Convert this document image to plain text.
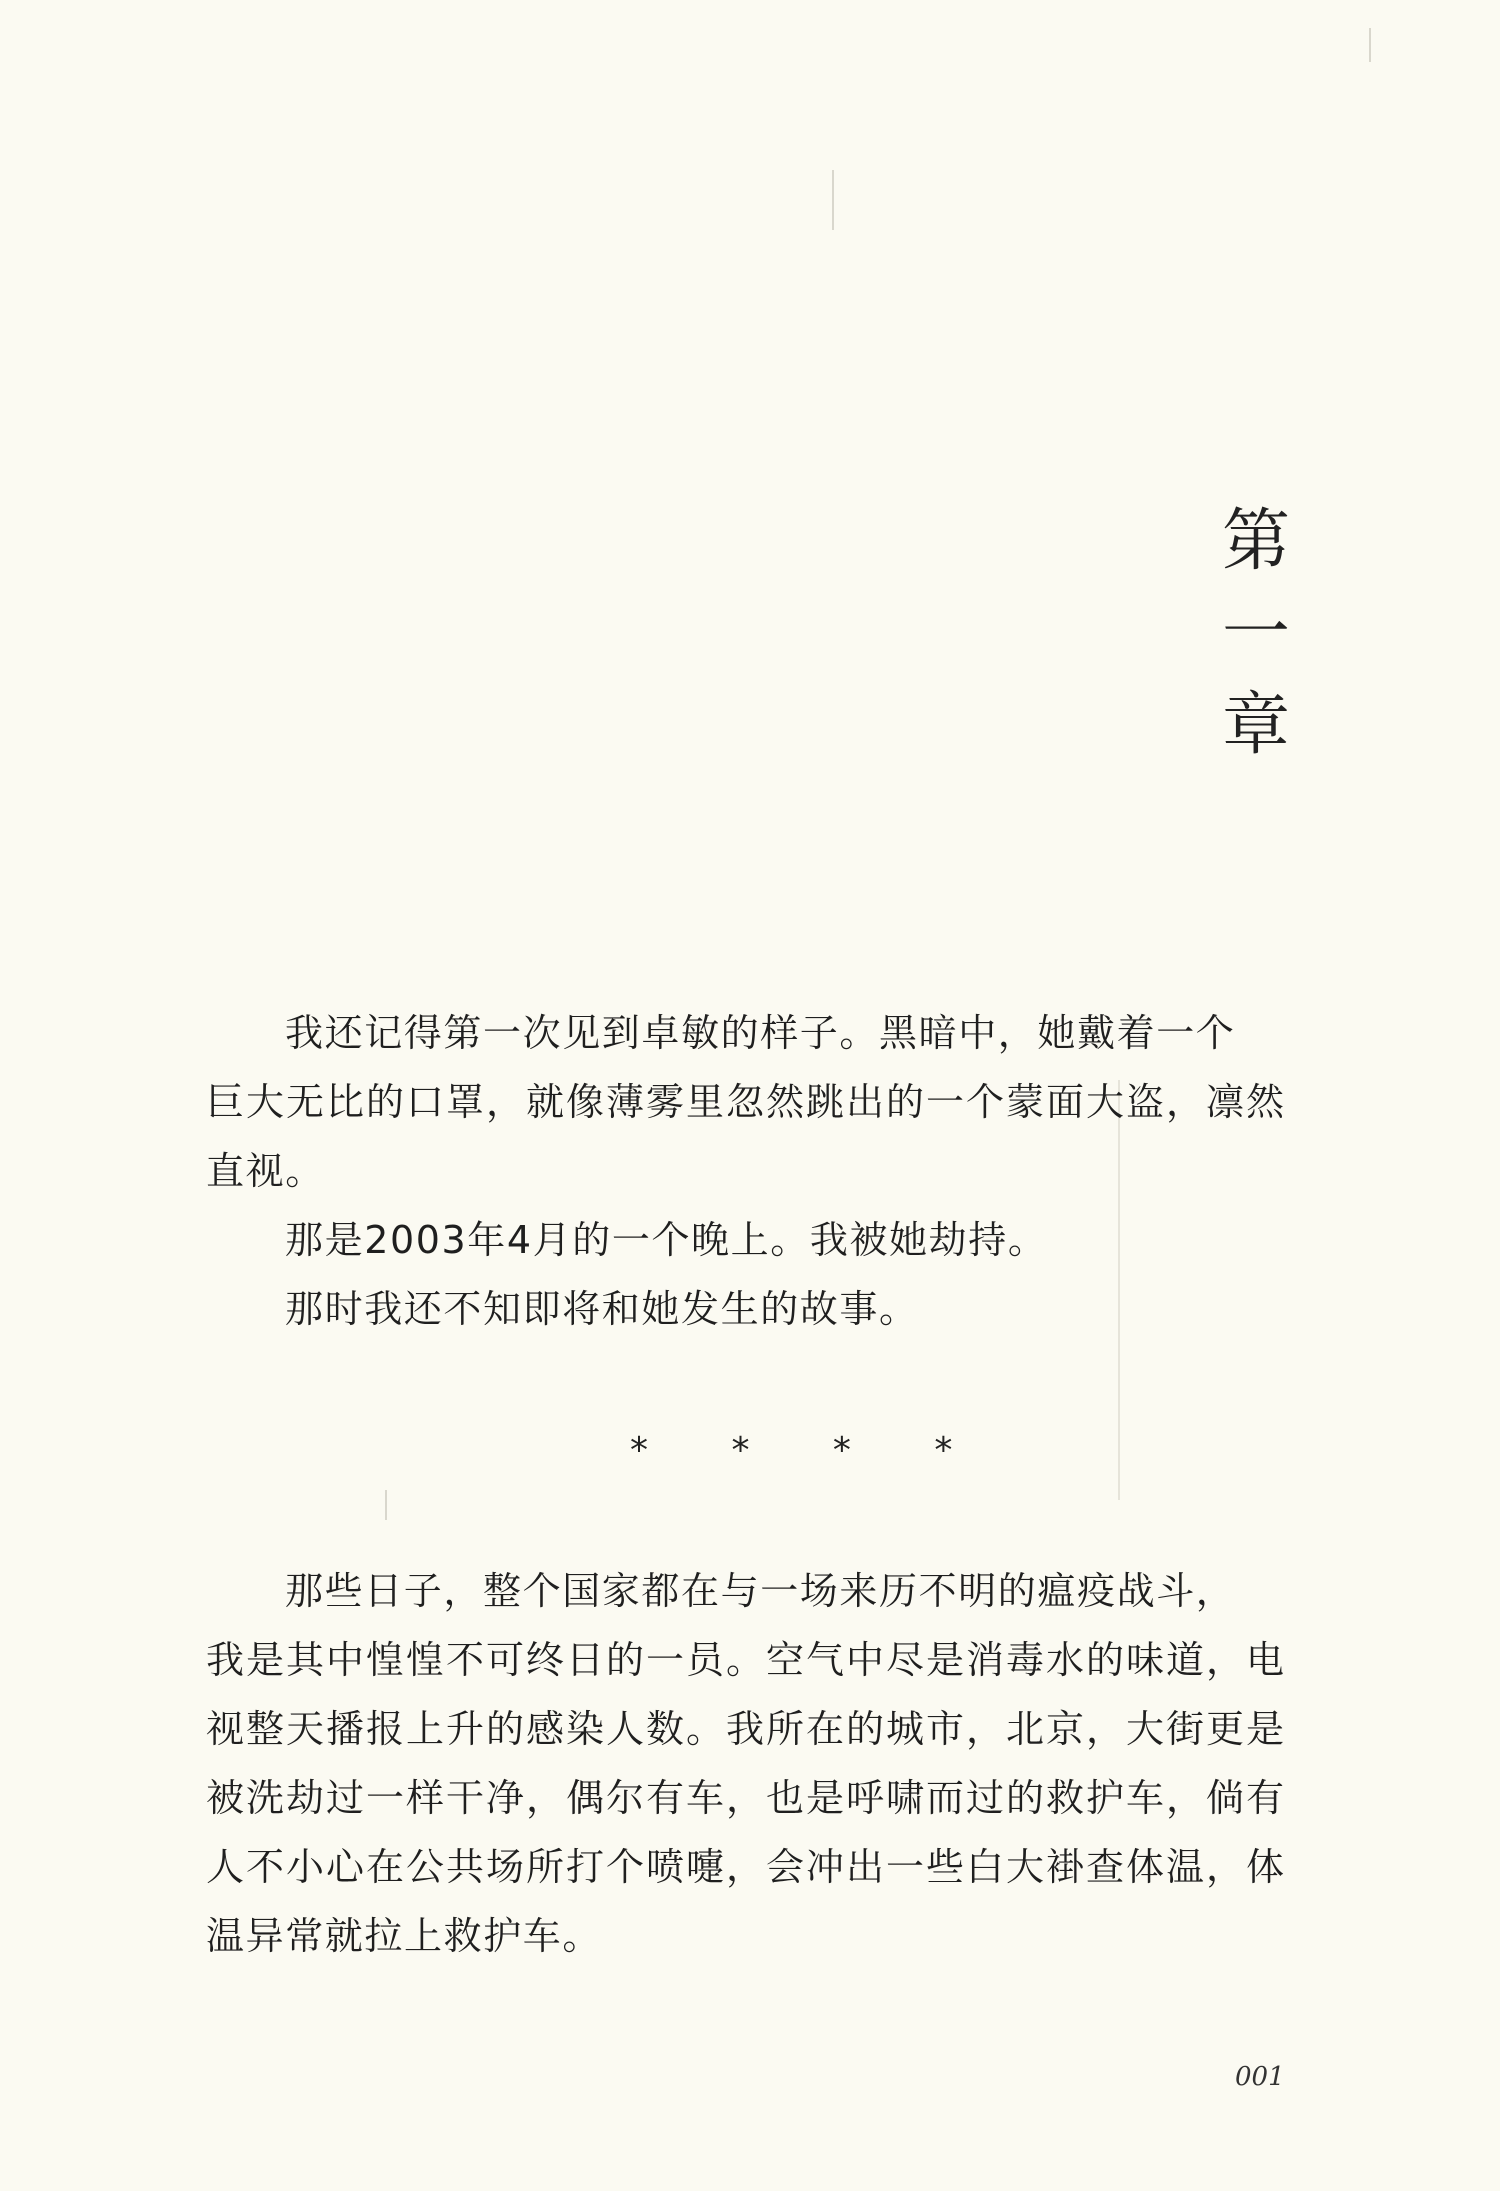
第
一
章
我还记得第一次见到卓敏的样子。黑暗中，她戴着一个
巨大无比的口罩，就像薄雾里忽然跳出的一个蒙面大盗，凛然
直视。
那是2003年4月的一个晚上。我被她劫持。
那时我还不知即将和她发生的故事。
* * * *
那些日子，整个国家都在与一场来历不明的瘟疫战斗，
我是其中惶惶不可终日的一员。空气中尽是消毒水的味道，电
视整天播报上升的感染人数。我所在的城市，北京，大街更是
被洗劫过一样干净，偶尔有车，也是呼啸而过的救护车，倘有
人不小心在公共场所打个喷嚏，会冲出一些白大褂查体温，体
温异常就拉上救护车。
001
